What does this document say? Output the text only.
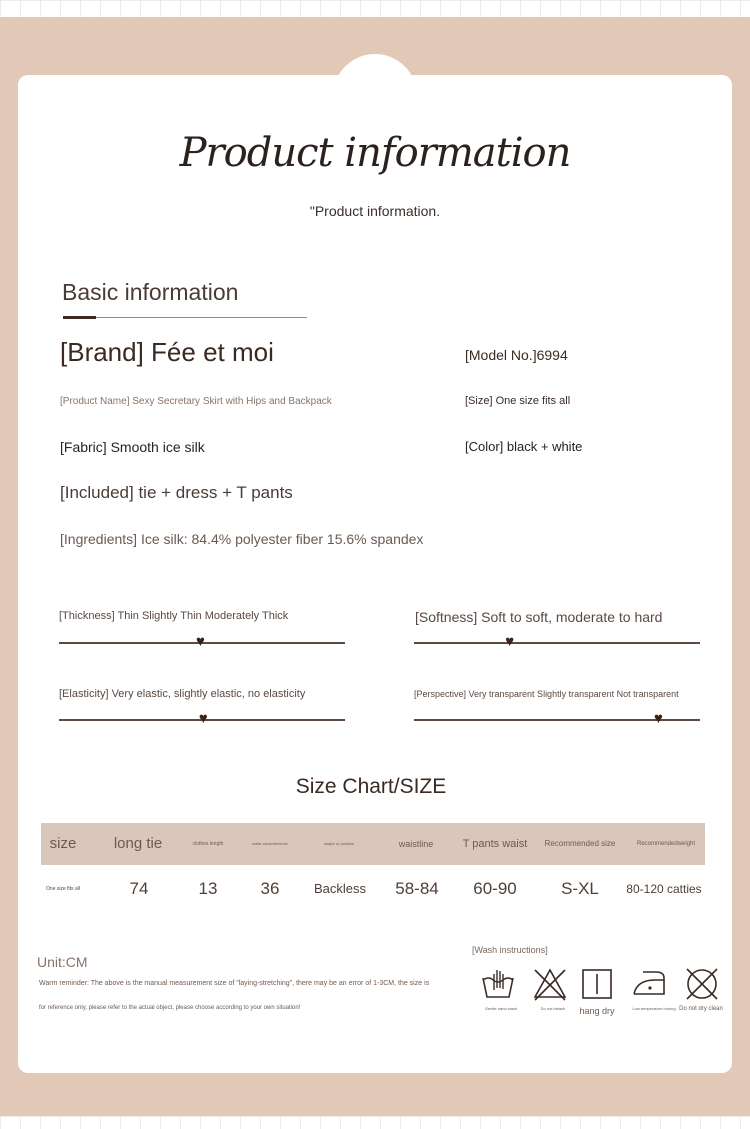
Product information
"Product information.
Basic information
[Brand] Fée et moi	[Model No.]6994
[Product Name] Sexy Secretary Skirt with Hips and Backpack	[Size] One size fits all
[Fabric] Smooth ice silk	[Color] black + white
[Included] tie + dress + T pants
[Ingredients] Ice silk: 84.4% polyester fiber 15.6% spandex
[Thickness] Thin Slightly Thin Moderately Thick
♥
[Softness] Soft to soft, moderate to hard
♥
[Elasticity] Very elastic, slightly elastic, no elasticity
♥
[Perspective] Very transparent Slightly transparent Not transparent
♥
Size Chart/SIZE
size	long tie	clothes length	collar circumference	shape or position	waistline	T pants waist	Recommended size	Recommendedweight
One size fits all	74	13	36	Backless	58-84	60-90	S-XL	80-120 catties
Unit:CM
Warm reminder: The above is the manual measurement size of "laying-stretching", there may be an error of 1-3CM, the size is
for reference only, please refer to the actual object, please choose according to your own situation!
[Wash instructions]
Gentle hand wash	Do not bleach	hang dry	Low temperature ironing Do not dry clean
